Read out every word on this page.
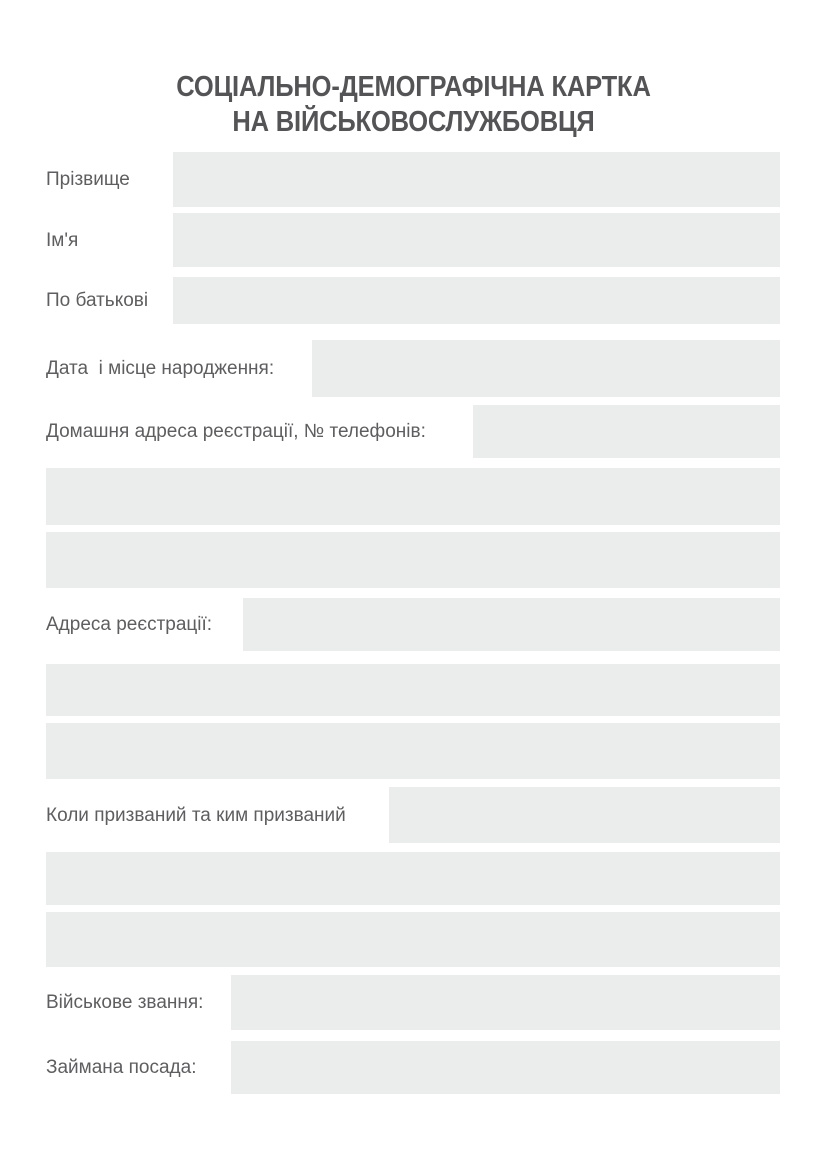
СОЦІАЛЬНО-ДЕМОГРАФІЧНА КАРТКА
НА ВІЙСЬКОВОСЛУЖБОВЦЯ
Прізвище
Ім'я
По батькові
Дата  і місце народження:
Домашня адреса реєстрації, № телефонів:
Адреса реєстрації:
Коли призваний та ким призваний
Військове звання:
Займана посада:
